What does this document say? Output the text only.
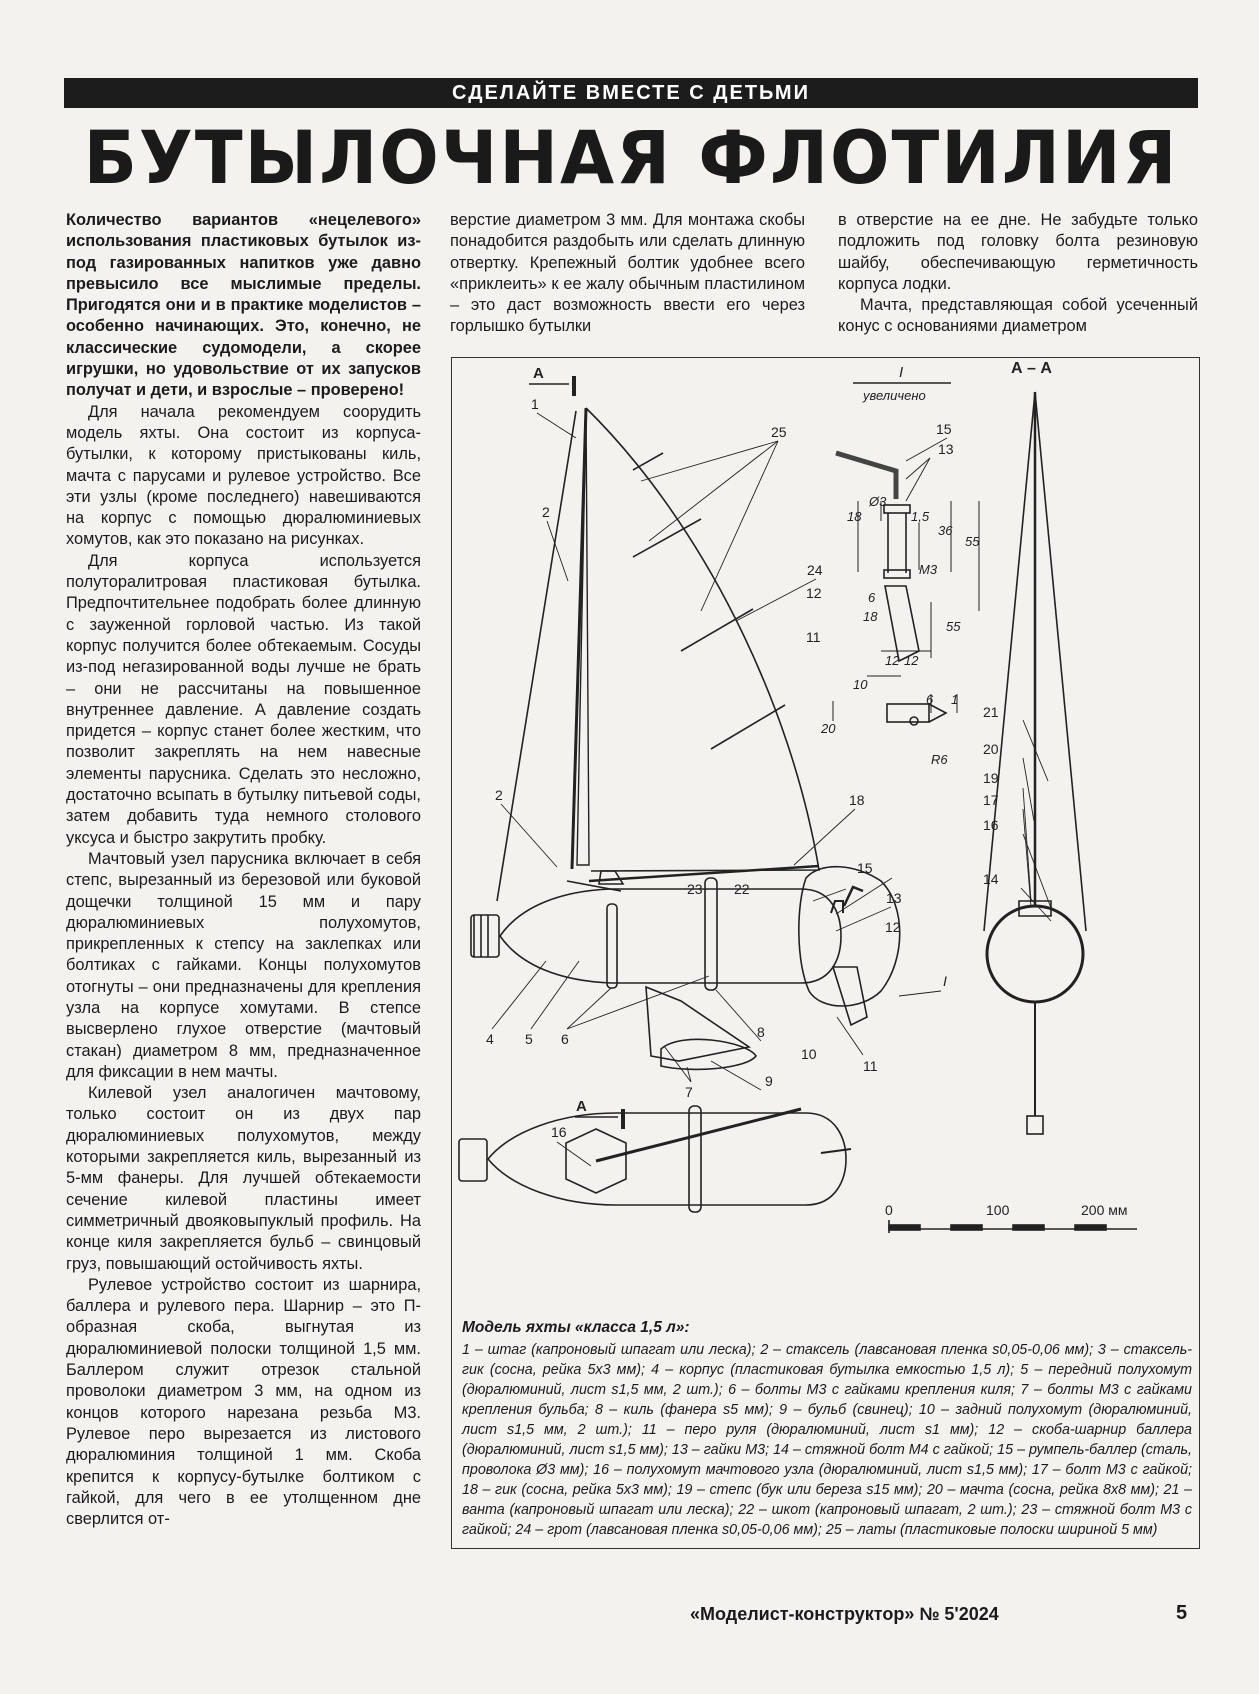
СДЕЛАЙТЕ ВМЕСТЕ С ДЕТЬМИ
БУТЫЛОЧНАЯ ФЛОТИЛИЯ

Количество вариантов «нецелевого» использования пластиковых бутылок из-под газированных напитков уже давно превысило все мыслимые пределы. Пригодятся они и в практике моделистов – особенно начинающих. Это, конечно, не классические судомодели, а скорее игрушки, но удовольствие от их запусков получат и дети, и взрослые – проверено!

Для начала рекомендуем соорудить модель яхты. Она состоит из корпуса-бутылки, к которому пристыкованы киль, мачта с парусами и рулевое устройство. Все эти узлы (кроме последнего) навешиваются на корпус с помощью дюралюминиевых хомутов, как это показано на рисунках.

Для корпуса используется полуторалитровая пластиковая бутылка. Предпочтительнее подобрать более длинную с зауженной горловой частью. Из такой корпус получится более обтекаемым. Сосуды из-под негазированной воды лучше не брать – они не рассчитаны на повышенное внутреннее давление. А давление создать придется – корпус станет более жестким, что позволит закреплять на нем навесные элементы парусника. Сделать это несложно, достаточно всыпать в бутылку питьевой соды, затем добавить туда немного столового уксуса и быстро закрутить пробку.

Мачтовый узел парусника включает в себя степс, вырезанный из березовой или буковой дощечки толщиной 15 мм и пару дюралюминиевых полухомутов, прикрепленных к степсу на заклепках или болтиках с гайками. Концы полухомутов отогнуты – они предназначены для крепления узла на корпусе хомутами. В степсе высверлено глухое отверстие (мачтовый стакан) диаметром 8 мм, предназначенное для фиксации в нем мачты.

Килевой узел аналогичен мачтовому, только состоит он из двух пар дюралюминиевых полухомутов, между которыми закрепляется киль, вырезанный из 5-мм фанеры. Для лучшей обтекаемости сечение килевой пластины имеет симметричный двояковыпуклый профиль. На конце киля закрепляется бульб – свинцовый груз, повышающий остойчивость яхты.

Рулевое устройство состоит из шарнира, баллера и рулевого пера. Шарнир – это П-образная скоба, выгнутая из дюралюминиевой полоски толщиной 1,5 мм. Баллером служит отрезок стальной проволоки диаметром 3 мм, на одном из концов которого нарезана резьба М3. Рулевое перо вырезается из листового дюралюминия толщиной 1 мм. Скоба крепится к корпусу-бутылке болтиком с гайкой, для чего в ее утолщенном дне сверлится от-

верстие диаметром 3 мм. Для монтажа скобы понадобится раздобыть или сделать длинную отвертку. Крепежный болтик удобнее всего «приклеить» к ее жалу обычным пластилином – это даст возможность ввести его через горлышко бутылки

в отверстие на ее дне. Не забудьте только подложить под головку болта резиновую шайбу, обеспечивающую герметичность корпуса лодки.

Мачта, представляющая собой усеченный конус с основаниями диаметром

А
А
А – А
I
увеличено
0	100	200 мм
18
Ø3
1,5
36
55
М3
6
18
55
12 12
10
6 1
20
R6
1
2
2
25
24
18
15
13
12
I
11
23 22
4 5 6	8
9
10
7
16
15
13
12
11
21
20
19
17
16
14
Модель яхты «класса 1,5 л»:
1 – штаг (капроновый шпагат или леска); 2 – стаксель (лавсановая пленка s0,05-0,06 мм); 3 – стаксель-гик (сосна, рейка 5х3 мм); 4 – корпус (пластиковая бутылка емкостью 1,5 л); 5 – передний полухомут (дюралюминий, лист s1,5 мм, 2 шт.); 6 – болты М3 с гайками крепления киля; 7 – болты М3 с гайками крепления бульба; 8 – киль (фанера s5 мм); 9 – бульб (свинец); 10 – задний полухомут (дюралюминий, лист s1,5 мм, 2 шт.); 11 – перо руля (дюралюминий, лист s1 мм); 12 – скоба-шарнир баллера (дюралюминий, лист s1,5 мм); 13 – гайки М3; 14 – стяжной болт М4 с гайкой; 15 – румпель-баллер (сталь, проволока Ø3 мм); 16 – полухомут мачтового узла (дюралюминий, лист s1,5 мм); 17 – болт М3 с гайкой; 18 – гик (сосна, рейка 5х3 мм); 19 – степс (бук или береза s15 мм); 20 – мачта (сосна, рейка 8х8 мм); 21 – ванта (капроновый шпагат или леска); 22 – шкот (капроновый шпагат, 2 шт.); 23 – стяжной болт М3 с гайкой; 24 – грот (лавсановая пленка s0,05-0,06 мм); 25 – латы (пластиковые полоски шириной 5 мм)
«Моделист-конструктор» № 5'2024	5
